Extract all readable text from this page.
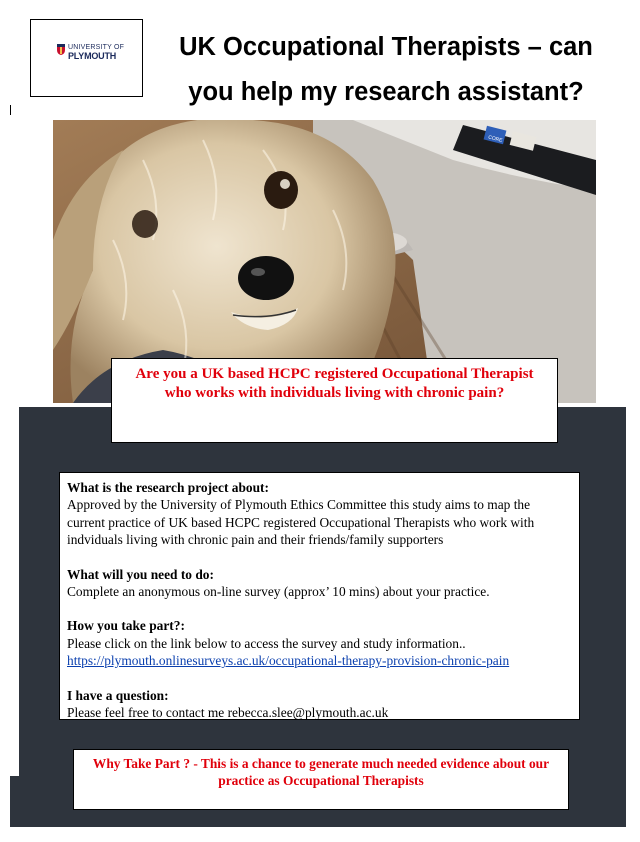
UNIVERSITY OF
PLYMOUTH	UK Occupational Therapists – can
you help my research assistant?
CORE
Are you a UK based HCPC registered Occupational Therapist who works with individuals living with chronic pain?
What is the research project about:
Approved by the University of Plymouth Ethics Committee this study aims to map the current practice of UK based HCPC registered Occupational Therapists who work with indviduals living with chronic pain and their friends/family supporters
What will you need to do:
Complete an anonymous on-line survey (approx’ 10 mins) about your practice.
How you take part?:
Please click on the link below to access the survey and study information..
https://plymouth.onlinesurveys.ac.uk/occupational-therapy-provision-chronic-pain
I have a question:
Please feel free to contact me rebecca.slee@plymouth.ac.uk
Why Take Part ? - This is a chance to generate much needed evidence about our practice as Occupational Therapists
